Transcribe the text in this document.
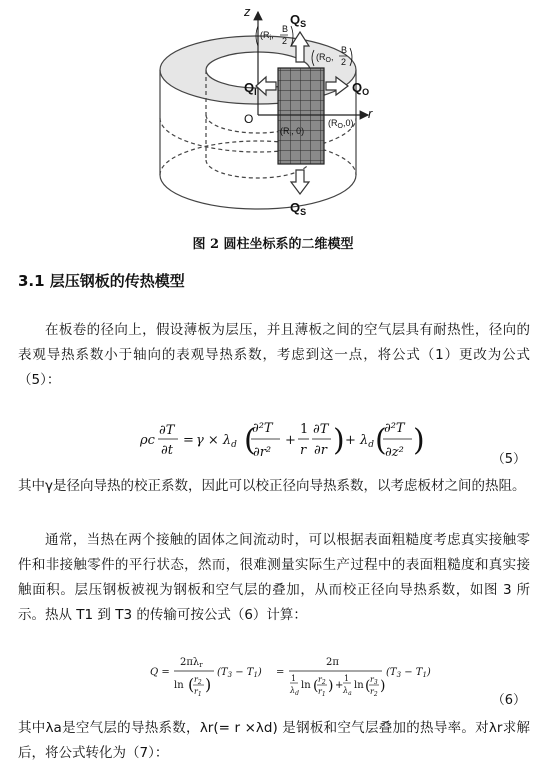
z
r
O
$Q_S$
$Q_S$
$Q_O$
$Q_I$
($R_i$,
B
2
($R_O$,
B
2
($R_i$, 0)
$(R_O,0)$
图 2 圆柱坐标系的二维模型
3.1 层压钢板的传热模型
在板卷的径向上，假设薄板为层压，并且薄板之间的空气层具有耐热性，径向的表观导热系数小于轴向的表观导热系数，考虑到这一点，将公式（1）更改为公式（5）：
ρc
∂T
∂t
= $\gamma \times \lambda_d$ (
∂²T
∂r²
+
1
r
∂T
∂r ) + $\lambda_d$ (
∂²T
∂z² )
（5）
其中γ是径向导热的校正系数，因此可以校正径向导热系数，以考虑板材之间的热阻。
通常，当热在两个接触的固体之间流动时，可以根据表面粗糙度考虑真实接触零件和非接触零件的平行状态，然而，很难测量实际生产过程中的表面粗糙度和真实接触面积。层压钢板被视为钢板和空气层的叠加，从而校正径向导热系数，如图 3 所示。热从 T1 到 T3 的传输可按公式（6）计算：
Q =
$2\pi\lambda_r$
ln ( $r_2$
$r_1$
)
$(T_3 - T_1)$ =
2π
1
$\lambda_d$
ln ( $r_2$
$r_1$
) +
1
$\lambda_a$
ln ( $r_3$
$r_2$
)
$(T_3 - T_1)$
（6）
其中λa是空气层的导热系数，λr(= r ×λd) 是钢板和空气层叠加的热导率。对λr求解后，将公式转化为（7）：
